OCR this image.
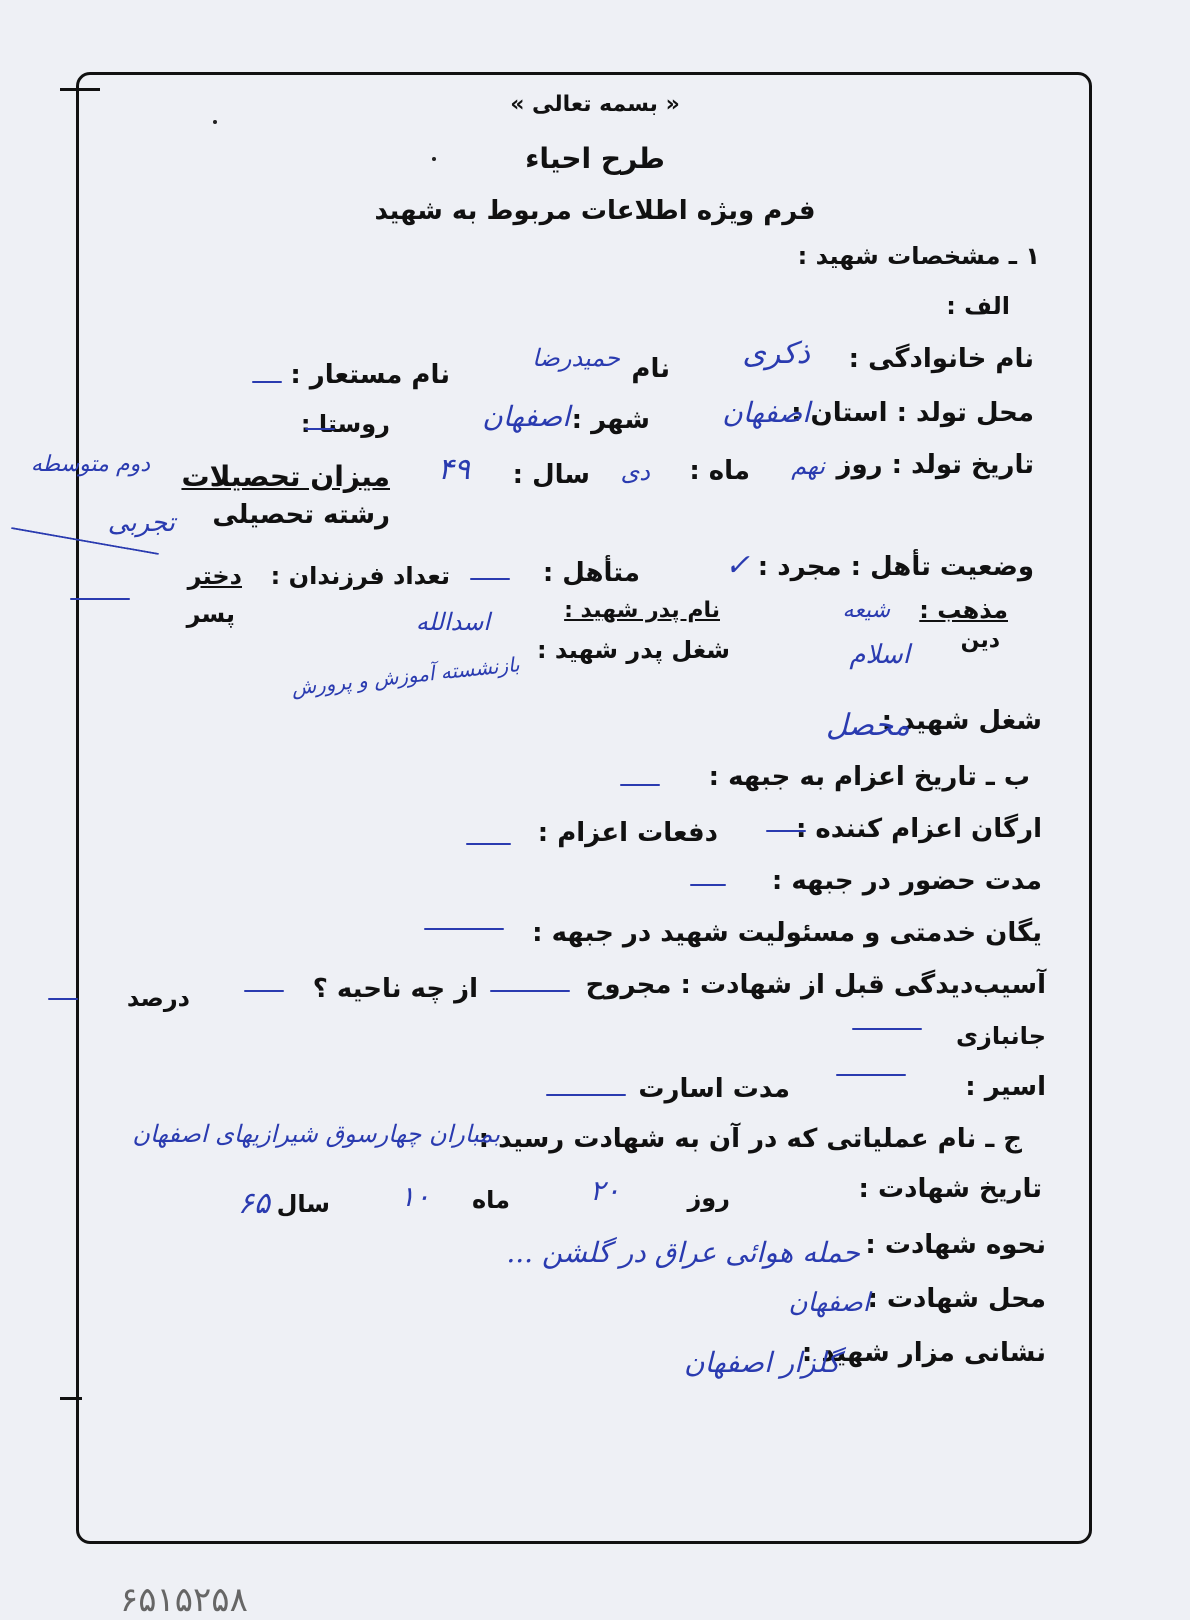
« بسمه تعالی »
طرح احیاء
فرم ویژه اطلاعات مربوط به شهید
۱ ـ مشخصات شهید :
الف :
نام خانوادگی :
ذکری
نام
حمیدرضا
نام مستعار :
محل تولد : استان :
اصفهان
شهر :
اصفهان
روستا :
تاریخ تولد : روز
نهم
ماه :
دی
سال :
۴۹
میزان تحصیلات
رشته تحصیلی
دوم متوسطه
تجربی
وضعیت تأهل : مجرد :
✓
متأهل :
تعداد فرزندان :
دختر
پسر	مذهب :
دین
شیعه
اسلام
نام پدر شهید :
اسدالله
شغل پدر شهید :
بازنشسته آموزش و پرورش
شغل شهید :
محصل
ب ـ تاریخ اعزام به جبهه :
ارگان اعزام کننده :
دفعات اعزام :
مدت حضور در جبهه :
یگان خدمتی و مسئولیت شهید در جبهه :
آسیب‌دیدگی قبل از شهادت : مجروح
از چه ناحیه ؟
درصد
جانبازی
اسیر :
مدت اسارت
ج ـ نام عملیاتی که در آن به شهادت رسید :
بمباران چهارسوق شیرازیهای اصفهان
تاریخ شهادت :
روز
۲۰
ماه
۱۰
سال
۶۵
نحوه شهادت :
حمله هوائی عراق در گلشن ...
محل شهادت :
اصفهان
نشانی مزار شهید :
گلزار اصفهان
۶۵۱۵۲۵۸
